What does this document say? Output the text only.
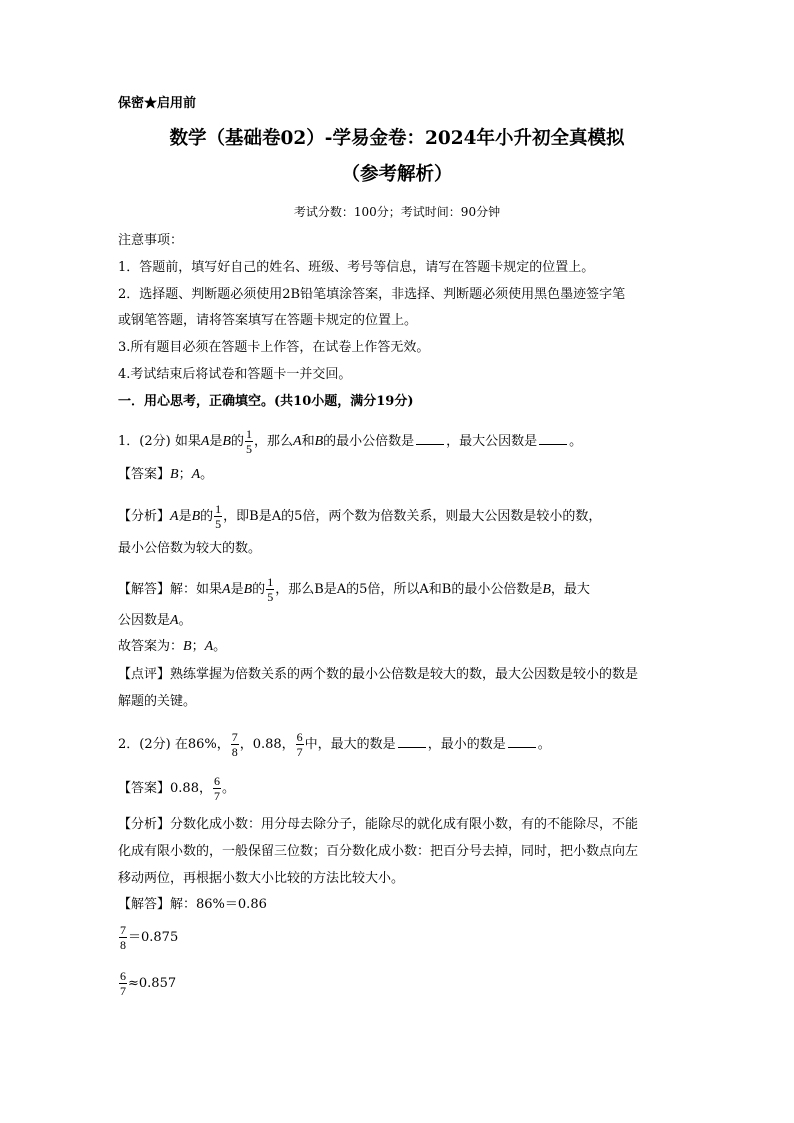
保密★启用前
数学（基础卷02）-学易金卷：2024年小升初全真模拟
（参考解析）
考试分数：100分；考试时间：90分钟
注意事项：
1．答题前，填写好自己的姓名、班级、考号等信息，请写在答题卡规定的位置上。
2．选择题、判断题必须使用2B铅笔填涂答案，非选择、判断题必须使用黑色墨迹签字笔
或钢笔答题，请将答案填写在答题卡规定的位置上。
3.所有题目必须在答题卡上作答，在试卷上作答无效。
4.考试结束后将试卷和答题卡一并交回。
一．用心思考，正确填空。(共10小题，满分19分)
1．(2分) 如果A是B的 $\frac{1}{5}$ ，那么A和B的最小公倍数是 ，最大公因数是 。
【答案】B；A。
【分析】A是B的 $\frac{1}{5}$ ，即B是A的5倍，两个数为倍数关系，则最大公因数是较小的数，
最小公倍数为较大的数。
【解答】解：如果A是B的 $\frac{1}{5}$ ，那么B是A的5倍，所以A和B的最小公倍数是B，最大
公因数是A。
故答案为：B；A。
【点评】熟练掌握为倍数关系的两个数的最小公倍数是较大的数，最大公因数是较小的数是
解题的关键。
2．(2分) 在86%， $\frac{7}{8}$ ，0.88， $\frac{6}{7}$ 中，最大的数是 ，最小的数是 。
【答案】0.88， $\frac{6}{7}$ 。
【分析】分数化成小数：用分母去除分子，能除尽的就化成有限小数，有的不能除尽，不能
化成有限小数的，一般保留三位数；百分数化成小数：把百分号去掉，同时，把小数点向左
移动两位，再根据小数大小比较的方法比较大小。
【解答】解：86%＝0.86
$\frac{7}{8} =0.875$
$\frac{6}{7} \approx 0.857$
